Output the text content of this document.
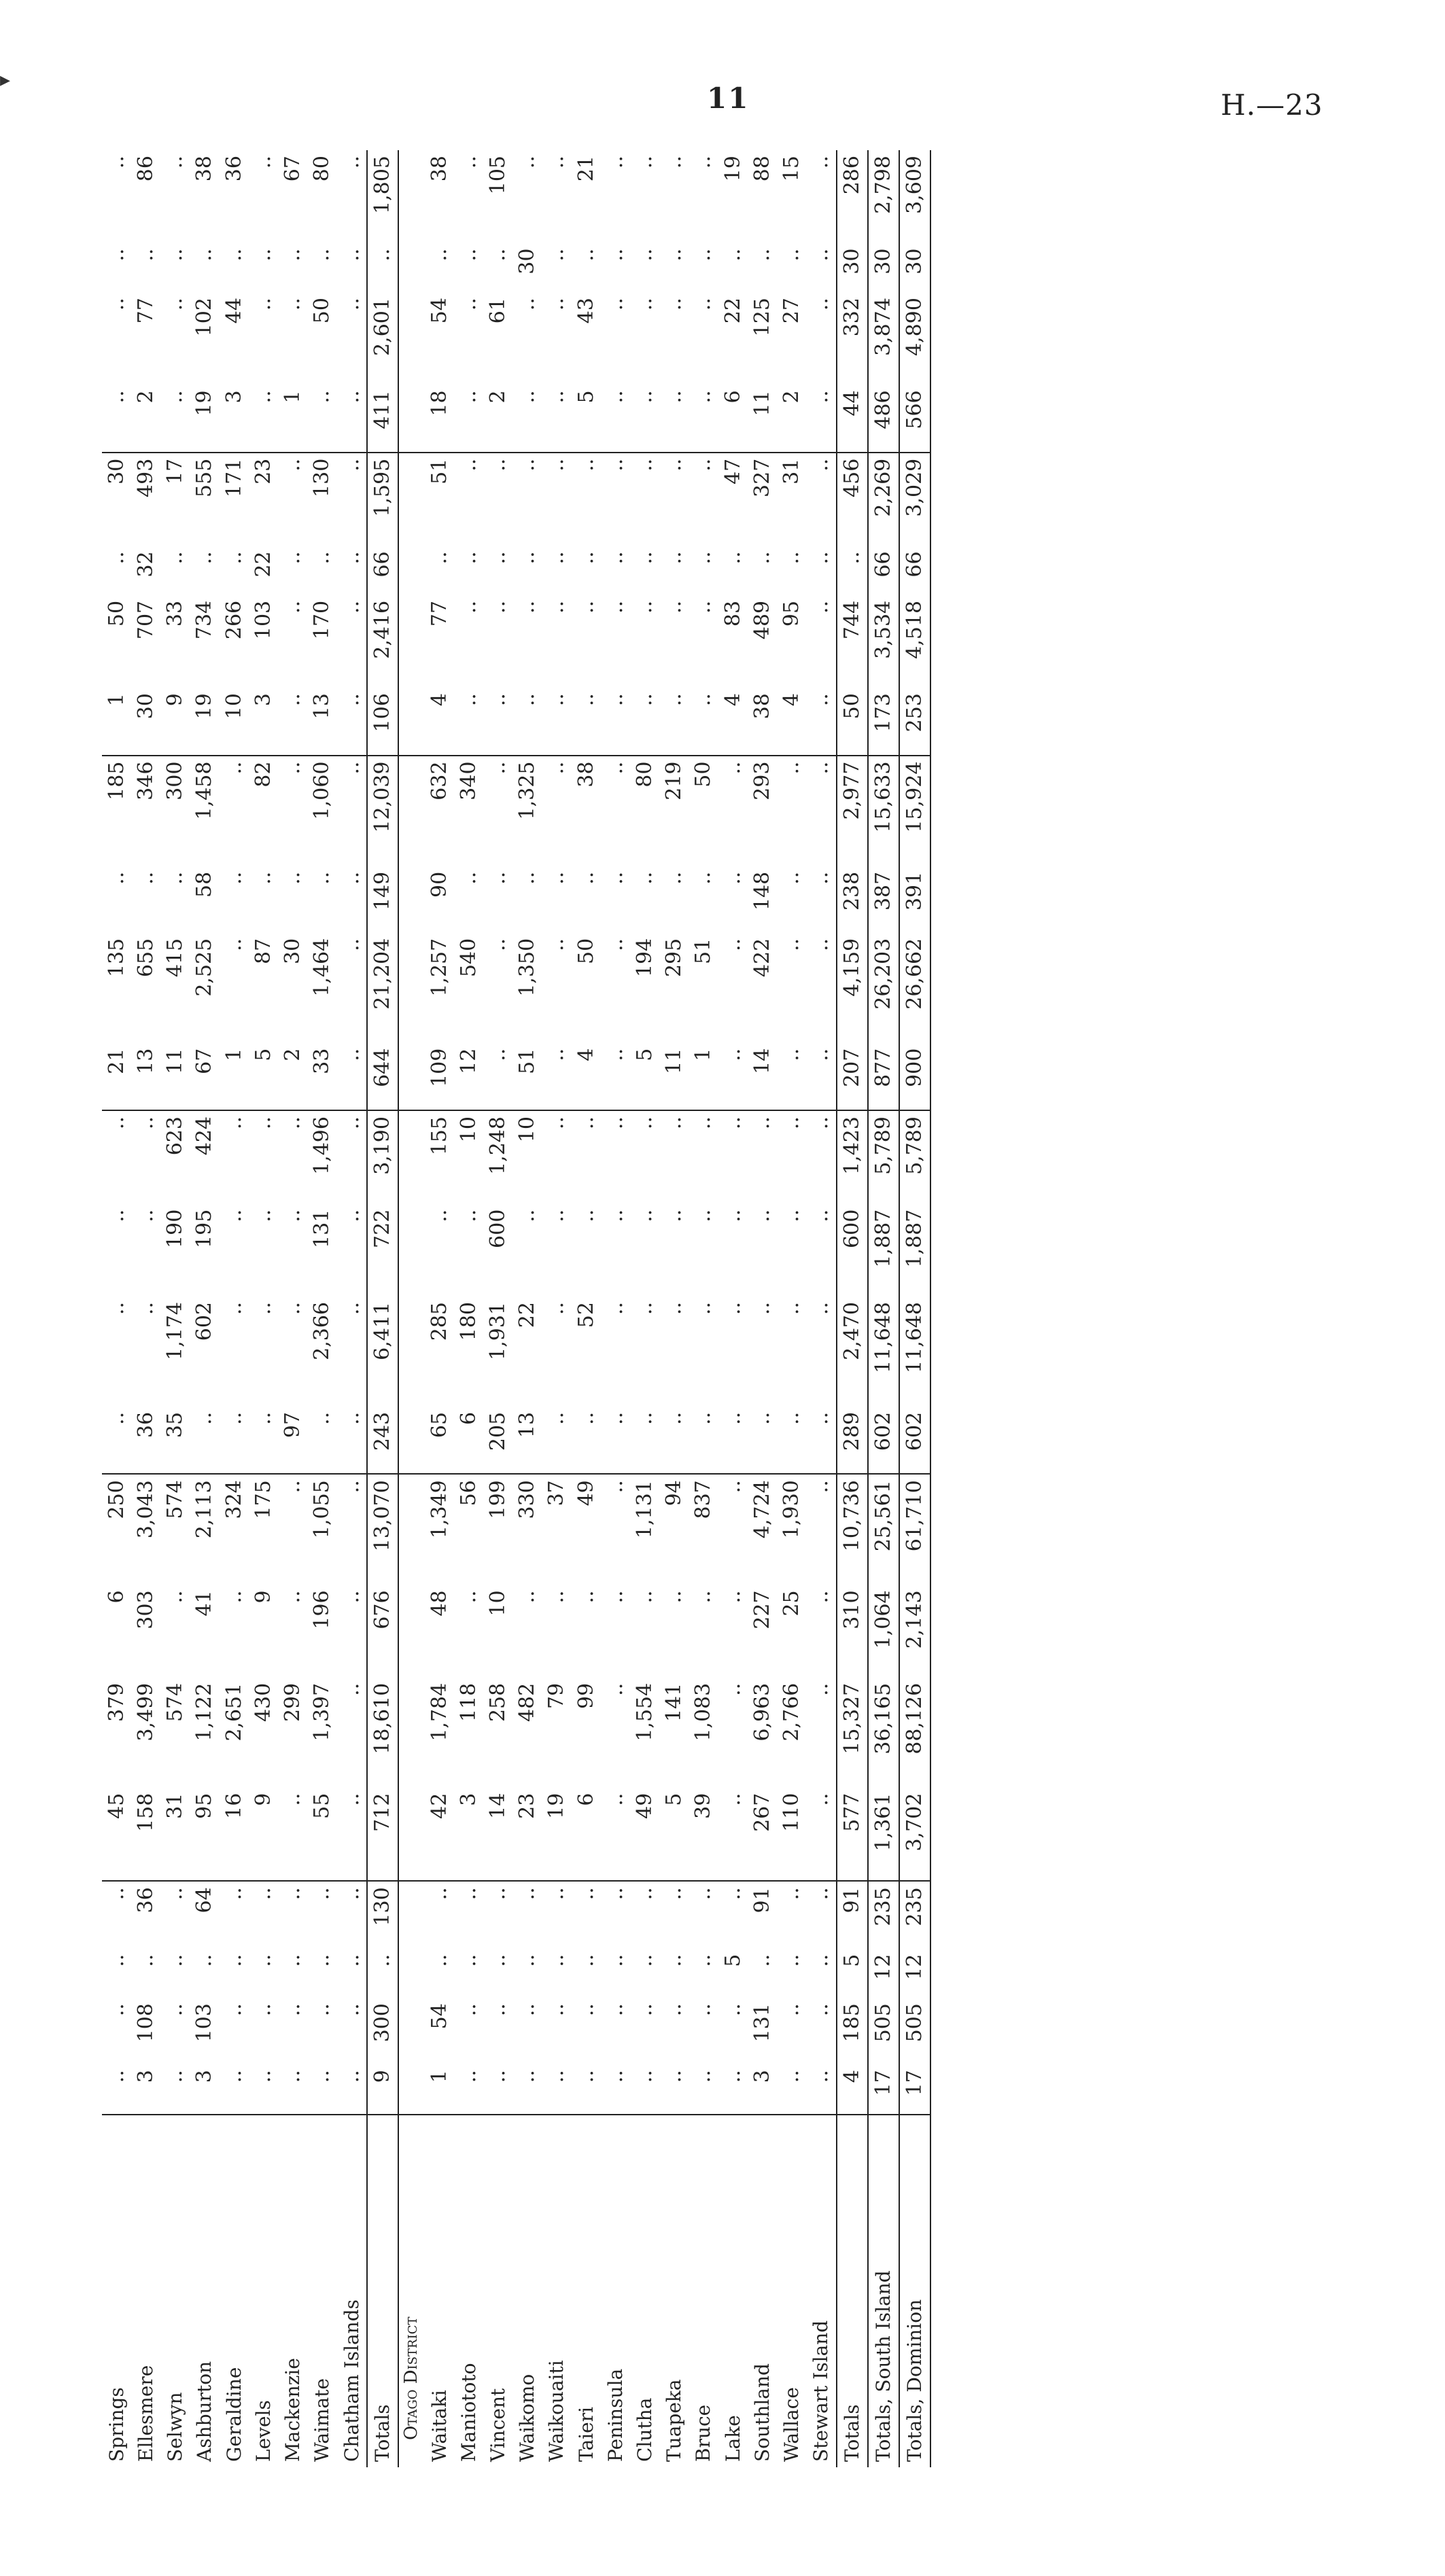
▸
11	H.—23
Springs	..	..	..	..	45	379	6	250	..	..	..	..	21	135	..	185	1	50	..	30	..	..	..	..
Ellesmere	3	108	..	36	158	3,499	303	3,043	36	..	..	..	13	655	..	346	30	707	32	493	2	77	..	86
Selwyn	..	..	..	..	31	574	..	574	35	1,174	190	623	11	415	..	300	9	33	..	17	..	..	..	..
Ashburton	3	103	..	64	95	1,122	41	2,113	..	602	195	424	67	2,525	58	1,458	19	734	..	555	19	102	..	38
Geraldine	..	..	..	..	16	2,651	..	324	..	..	..	..	1	..	..	..	10	266	..	171	3	44	..	36
Levels	..	..	..	..	9	430	9	175	..	..	..	..	5	87	..	82	3	103	22	23	..	..	..	..
Mackenzie	..	..	..	..	..	299	..	..	97	..	..	..	2	30	..	..	..	..	..	..	1	..	..	67
Waimate	..	..	..	..	55	1,397	196	1,055	..	2,366	131	1,496	33	1,464	..	1,060	13	170	..	130	..	50	..	80
Chatham Islands	..	..	..	..	..	..	..	..	..	..	..	..	..	..	..	..	..	..	..	..	..	..	..	..
Totals	9	300	..	130	712	18,610	676	13,070	243	6,411	722	3,190	644	21,204	149	12,039	106	2,416	66	1,595	411	2,601	..	1,805
Otago District																								
Waitaki	1	54	..	..	42	1,784	48	1,349	65	285	..	155	109	1,257	90	632	4	77	..	51	18	54	..	38
Maniototo	..	..	..	..	3	118	..	56	6	180	..	10	12	540	..	340	..	..	..	..	..	..	..	..
Vincent	..	..	..	..	14	258	10	199	205	1,931	600	1,248	..	..	..	..	..	..	..	..	2	61	..	105
Waikomo	..	..	..	..	23	482	..	330	13	22	..	10	51	1,350	..	1,325	..	..	..	..	..	..	30	..
Waikouaiti	..	..	..	..	19	79	..	37	..	..	..	..	..	..	..	..	..	..	..	..	..	..	..	..
Taieri	..	..	..	..	6	99	..	49	..	52	..	..	4	50	..	38	..	..	..	..	5	43	..	21
Peninsula	..	..	..	..	..	..	..	..	..	..	..	..	..	..	..	..	..	..	..	..	..	..	..	..
Clutha	..	..	..	..	49	1,554	..	1,131	..	..	..	..	5	194	..	80	..	..	..	..	..	..	..	..
Tuapeka	..	..	..	..	5	141	..	94	..	..	..	..	11	295	..	219	..	..	..	..	..	..	..	..
Bruce	..	..	..	..	39	1,083	..	837	..	..	..	..	1	51	..	50	..	..	..	..	..	..	..	..
Lake	..	..	5	..	..	..	..	..	..	..	..	..	..	..	..	..	4	83	..	47	6	22	..	19
Southland	3	131	..	91	267	6,963	227	4,724	..	..	..	..	14	422	148	293	38	489	..	327	11	125	..	88
Wallace	..	..	..	..	110	2,766	25	1,930	..	..	..	..	..	..	..	..	4	95	..	31	2	27	..	15
Stewart Island	..	..	..	..	..	..	..	..	..	..	..	..	..	..	..	..	..	..	..	..	..	..	..	..
Totals	4	185	5	91	577	15,327	310	10,736	289	2,470	600	1,423	207	4,159	238	2,977	50	744	..	456	44	332	30	286
Totals, South Island	17	505	12	235	1,361	36,165	1,064	25,561	602	11,648	1,887	5,789	877	26,203	387	15,633	173	3,534	66	2,269	486	3,874	30	2,798
Totals, Dominion	17	505	12	235	3,702	88,126	2,143	61,710	602	11,648	1,887	5,789	900	26,662	391	15,924	253	4,518	66	3,029	566	4,890	30	3,609
